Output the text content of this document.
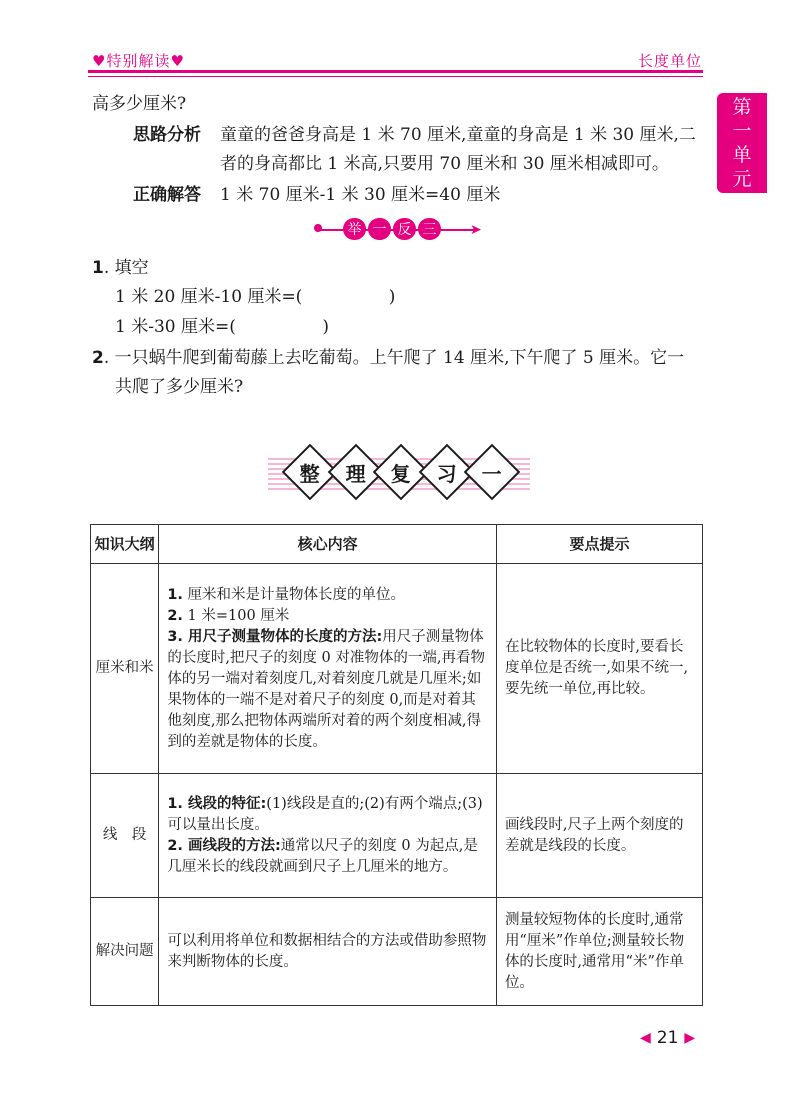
♥特别解读♥	长度单位
第
一
单
元
高多少厘米?
思路分析 童童的爸爸身高是 1 米 70 厘米,童童的身高是 1 米 30 厘米,二
者的身高都比 1 米高,只要用 70 厘米和 30 厘米相减即可。
正确解答 1 米 70 厘米-1 米 30 厘米=40 厘米
➤
举 一 反 三
1. 填空
1 米 20 厘米-10 厘米=(                )
1 米-30 厘米=(                )
2. 一只蜗牛爬到葡萄藤上去吃葡萄。上午爬了 14 厘米,下午爬了 5 厘米。它一
共爬了多少厘米?
整 理 复 习 一
知识大纲	核心内容	要点提示
厘米和米	1. 厘米和米是计量物体长度的单位。
2. 1 米=100 厘米
3. 用尺子测量物体的长度的方法:用尺子测量物体的长度时,把尺子的刻度 0 对准物体的一端,再看物体的另一端对着刻度几,对着刻度几就是几厘米;如果物体的一端不是对着尺子的刻度 0,而是对着其他刻度,那么把物体两端所对着的两个刻度相减,得到的差就是物体的长度。	在比较物体的长度时,要看长度单位是否统一,如果不统一,要先统一单位,再比较。
线　段	1. 线段的特征:(1)线段是直的;(2)有两个端点;(3)可以量出长度。
2. 画线段的方法:通常以尺子的刻度 0 为起点,是几厘米长的线段就画到尺子上几厘米的地方。	画线段时,尺子上两个刻度的差就是线段的长度。
解决问题	可以利用将单位和数据相结合的方法或借助参照物来判断物体的长度。	测量较短物体的长度时,通常用“厘米”作单位;测量较长物体的长度时,通常用“米”作单位。
◀ 21 ▶
